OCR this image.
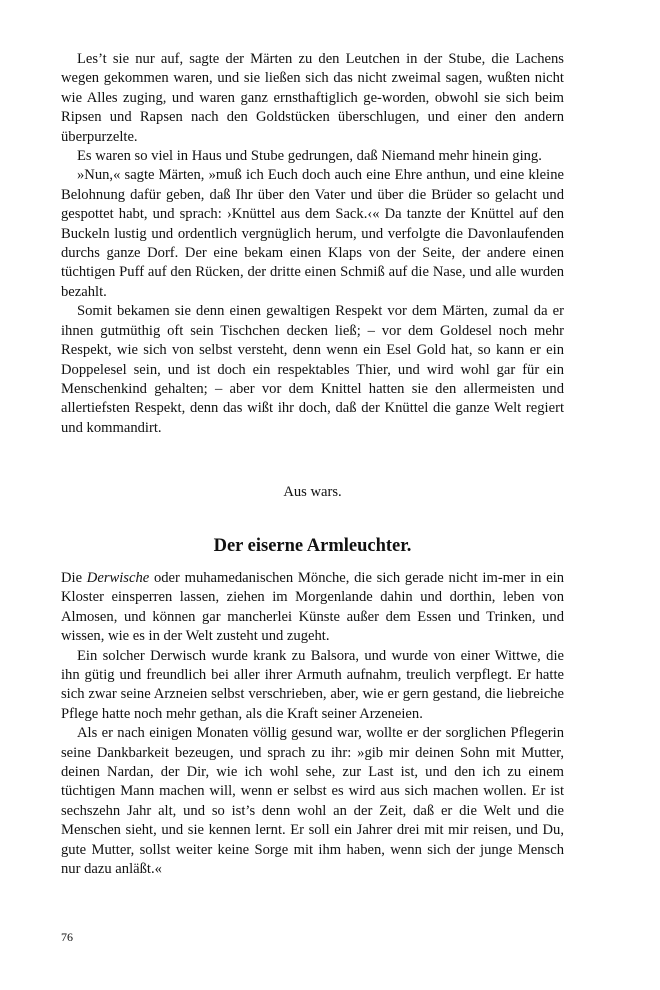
Les’t sie nur auf, sagte der Märten zu den Leutchen in der Stube, die Lachens wegen gekommen waren, und sie ließen sich das nicht zweimal sagen, wußten nicht wie Alles zuging, und waren ganz ernsthaftiglich ge-worden, obwohl sie sich beim Ripsen und Rapsen nach den Goldstücken überschlugen, und einer den andern überpurzelte.

Es waren so viel in Haus und Stube gedrungen, daß Niemand mehr hinein ging.

»Nun,« sagte Märten, »muß ich Euch doch auch eine Ehre anthun, und eine kleine Belohnung dafür geben, daß Ihr über den Vater und über die Brüder so gelacht und gespottet habt, und sprach: ›Knüttel aus dem Sack.‹« Da tanzte der Knüttel auf den Buckeln lustig und ordentlich vergnüglich herum, und verfolgte die Davonlaufenden durchs ganze Dorf. Der eine bekam einen Klaps von der Seite, der andere einen tüchtigen Puff auf den Rücken, der dritte einen Schmiß auf die Nase, und alle wurden bezahlt.

Somit bekamen sie denn einen gewaltigen Respekt vor dem Märten, zumal da er ihnen gutmüthig oft sein Tischchen decken ließ; – vor dem Goldesel noch mehr Respekt, wie sich von selbst versteht, denn wenn ein Esel Gold hat, so kann er ein Doppelesel sein, und ist doch ein respektables Thier, und wird wohl gar für ein Menschenkind gehalten; – aber vor dem Knittel hatten sie den allermeisten und allertiefsten Respekt, denn das wißt ihr doch, daß der Knüttel die ganze Welt regiert und kommandirt.

Aus wars.
Der eiserne Armleuchter.

Die Derwische oder muhamedanischen Mönche, die sich gerade nicht im-mer in ein Kloster einsperren lassen, ziehen im Morgenlande dahin und dorthin, leben von Almosen, und können gar mancherlei Künste außer dem Essen und Trinken, und wissen, wie es in der Welt zusteht und zugeht.

Ein solcher Derwisch wurde krank zu Balsora, und wurde von einer Wittwe, die ihn gütig und freundlich bei aller ihrer Armuth aufnahm, treulich verpflegt. Er hatte sich zwar seine Arzneien selbst verschrieben, aber, wie er gern gestand, die liebreiche Pflege hatte noch mehr gethan, als die Kraft seiner Arzeneien.

Als er nach einigen Monaten völlig gesund war, wollte er der sorglichen Pflegerin seine Dankbarkeit bezeugen, und sprach zu ihr: »gib mir deinen Sohn mit Mutter, deinen Nardan, der Dir, wie ich wohl sehe, zur Last ist, und den ich zu einem tüchtigen Mann machen will, wenn er selbst es wird aus sich machen wollen. Er ist sechszehn Jahr alt, und so ist’s denn wohl an der Zeit, daß er die Welt und die Menschen sieht, und sie kennen lernt. Er soll ein Jahrer drei mit mir reisen, und Du, gute Mutter, sollst weiter keine Sorge mit ihm haben, wenn sich der junge Mensch nur dazu anläßt.«

76
